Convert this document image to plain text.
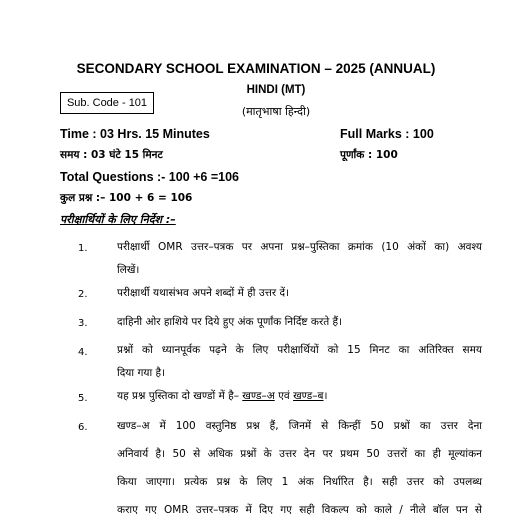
SECONDARY SCHOOL EXAMINATION – 2025 (ANNUAL)
Sub. Code - 101
HINDI (MT)
(मातृभाषा हिन्दी)
Time : 03 Hrs. 15 Minutes	Full Marks : 100
समय : 03 घंटे 15 मिनट	पूर्णांक : 100
Total Questions :- 100 +6 =106
कुल प्रश्न :– 100 + 6 = 106
परीक्षार्थियों के लिए निर्देश :–
1.	परीक्षार्थी OMR उत्तर–पत्रक पर अपना प्रश्न–पुस्तिका क्रमांक (10 अंकों का) अवश्य
लिखें।
2.	परीक्षार्थी यथासंभव अपने शब्दों में ही उत्तर दें।
3.	दाहिनी ओर हाशिये पर दिये हुए अंक पूर्णांक निर्दिष्ट करते हैं।
4.	प्रश्नों को ध्यानपूर्वक पढ़ने के लिए परीक्षार्थियों को 15 मिनट का अतिरिक्त समय
दिया गया है।
5.	यह प्रश्न पुस्तिका दो खण्डों में है– खण्ड–अ एवं खण्ड–ब।
6.	खण्ड–अ में 100 वस्तुनिष्ठ प्रश्न हैं, जिनमें से किन्हीं 50 प्रश्नों का उत्तर देना
अनिवार्य है। 50 से अधिक प्रश्नों के उत्तर देन पर प्रथम 50 उत्तरों का ही मूल्यांकन
किया जाएगा। प्रत्येक प्रश्न के लिए 1 अंक निर्धारित है। सही उत्तर को उपलब्ध
कराए गए OMR उत्तर–पत्रक में दिए गए सही विकल्प को काले / नीले बॉल पन से
